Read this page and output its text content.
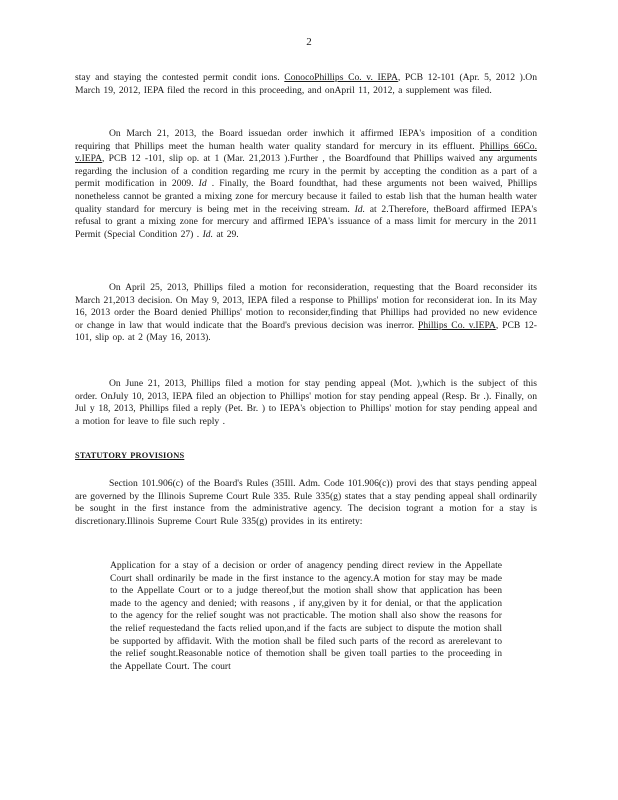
2

stay and staying the contested permit condit ions. ConocoPhillips Co. v. IEPA, PCB 12-101 (Apr. 5, 2012 ).On March 19, 2012, IEPA filed the record in this proceeding, and onApril 11, 2012, a supplement was filed.

On March 21, 2013, the Board issuedan order inwhich it affirmed IEPA's imposition of a condition requiring that Phillips meet the human health water quality standard for mercury in its effluent. Phillips 66Co. v.IEPA, PCB 12 -101, slip op. at 1 (Mar. 21,2013 ).Further , the Boardfound that Phillips waived any arguments regarding the inclusion of a condition regarding me rcury in the permit by accepting the condition as a part of a permit modification in 2009. Id . Finally, the Board foundthat, had these arguments not been waived, Phillips nonetheless cannot be granted a mixing zone for mercury because it failed to estab lish that the human health water quality standard for mercury is being met in the receiving stream. Id. at 2.Therefore, theBoard affirmed IEPA's refusal to grant a mixing zone for mercury and affirmed IEPA's issuance of a mass limit for mercury in the 2011 Permit (Special Condition 27) . Id. at 29.

On April 25, 2013, Phillips filed a motion for reconsideration, requesting that the Board reconsider its March 21,2013 decision. On May 9, 2013, IEPA filed a response to Phillips' motion for reconsiderat ion. In its May 16, 2013 order the Board denied Phillips' motion to reconsider,finding that Phillips had provided no new evidence or change in law that would indicate that the Board's previous decision was inerror. Phillips Co. v.IEPA, PCB 12-101, slip op. at 2 (May 16, 2013).

On June 21, 2013, Phillips filed a motion for stay pending appeal (Mot. ),which is the subject of this order. OnJuly 10, 2013, IEPA filed an objection to Phillips' motion for stay pending appeal (Resp. Br .). Finally, on Jul y 18, 2013, Phillips filed a reply (Pet. Br. ) to IEPA's objection to Phillips' motion for stay pending appeal and a motion for leave to file such reply .

STATUTORY PROVISIONS

Section 101.906(c) of the Board's Rules (35Ill. Adm. Code 101.906(c)) provi des that stays pending appeal are governed by the Illinois Supreme Court Rule 335. Rule 335(g) states that a stay pending appeal shall ordinarily be sought in the first instance from the administrative agency. The decision togrant a motion for a stay is discretionary.Illinois Supreme Court Rule 335(g) provides in its entirety:

Application for a stay of a decision or order of anagency pending direct review in the Appellate Court shall ordinarily be made in the first instance to the agency.A motion for stay may be made to the Appellate Court or to a judge thereof,but the motion shall show that application has been made to the agency and denied; with reasons , if any,given by it for denial, or that the application to the agency for the relief sought was not practicable. The motion shall also show the reasons for the relief requestedand the facts relied upon,and if the facts are subject to dispute the motion shall be supported by affidavit. With the motion shall be filed such parts of the record as arerelevant to the relief sought.Reasonable notice of themotion shall be given toall parties to the proceeding in the Appellate Court. The court
